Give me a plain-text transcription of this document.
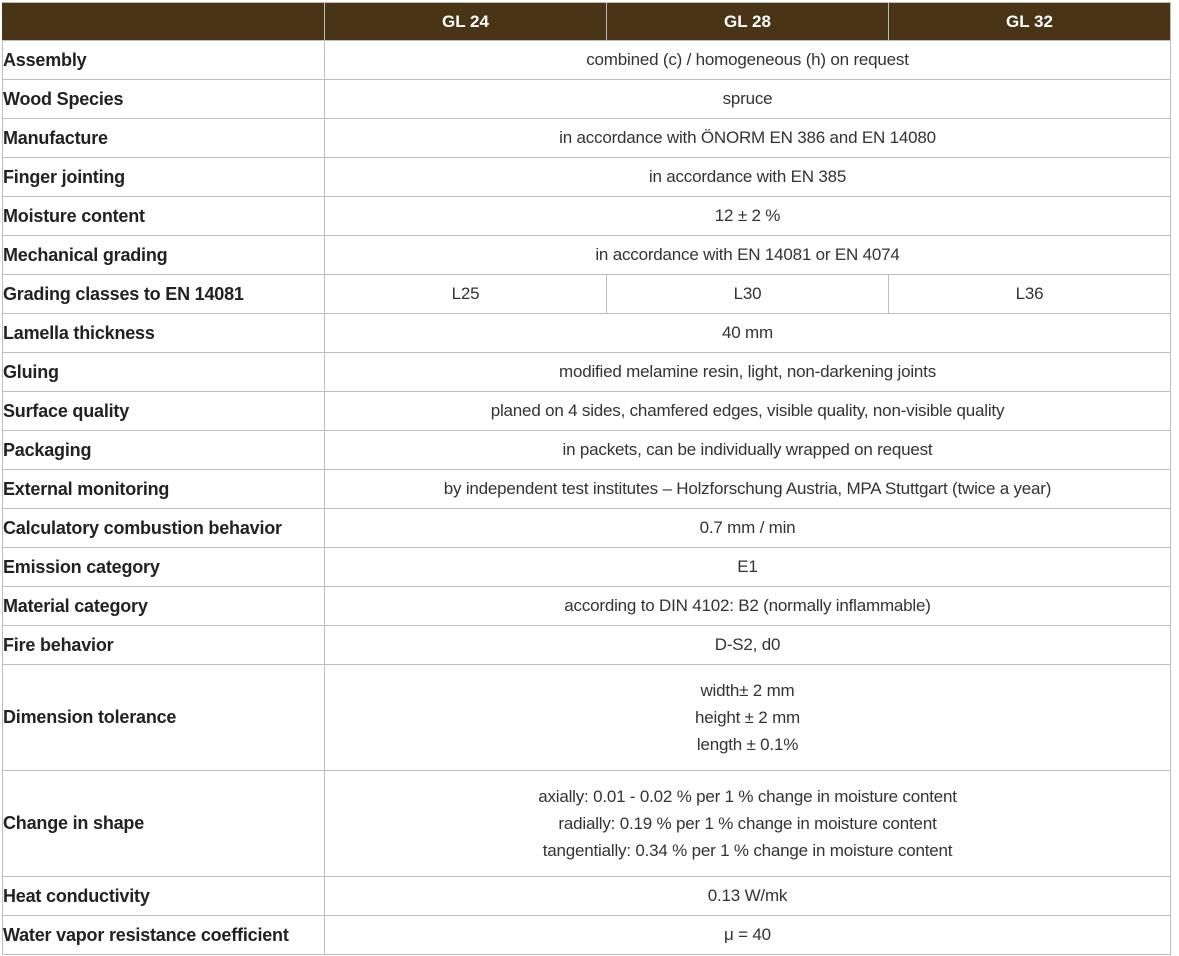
	GL 24	GL 28	GL 32
Assembly	combined (c) / homogeneous (h) on request		
Wood Species	spruce		
Manufacture	in accordance with ÖNORM EN 386 and EN 14080		
Finger jointing	in accordance with EN 385		
Moisture content	12 ± 2 %		
Mechanical grading	in accordance with EN 14081 or EN 4074		
Grading classes to EN 14081	L25	L30	L36
Lamella thickness	40 mm		
Gluing	modified melamine resin, light, non-darkening joints		
Surface quality	planed on 4 sides, chamfered edges, visible quality, non-visible quality		
Packaging	in packets, can be individually wrapped on request		
External monitoring	by independent test institutes – Holzforschung Austria, MPA Stuttgart (twice a year)		
Calculatory combustion behavior	0.7 mm / min		
Emission category	E1		
Material category	according to DIN 4102: B2 (normally inflammable)		
Fire behavior	D-S2, d0		
Dimension tolerance	width± 2 mm
height ± 2 mm
length ± 0.1%		

Change in shape	axially: 0.01 - 0.02 % per 1 % change in moisture content
radially: 0.19 % per 1 % change in moisture content
tangentially: 0.34 % per 1 % change in moisture content		

Heat conductivity	0.13 W/mk		
Water vapor resistance coefficient	μ = 40		
